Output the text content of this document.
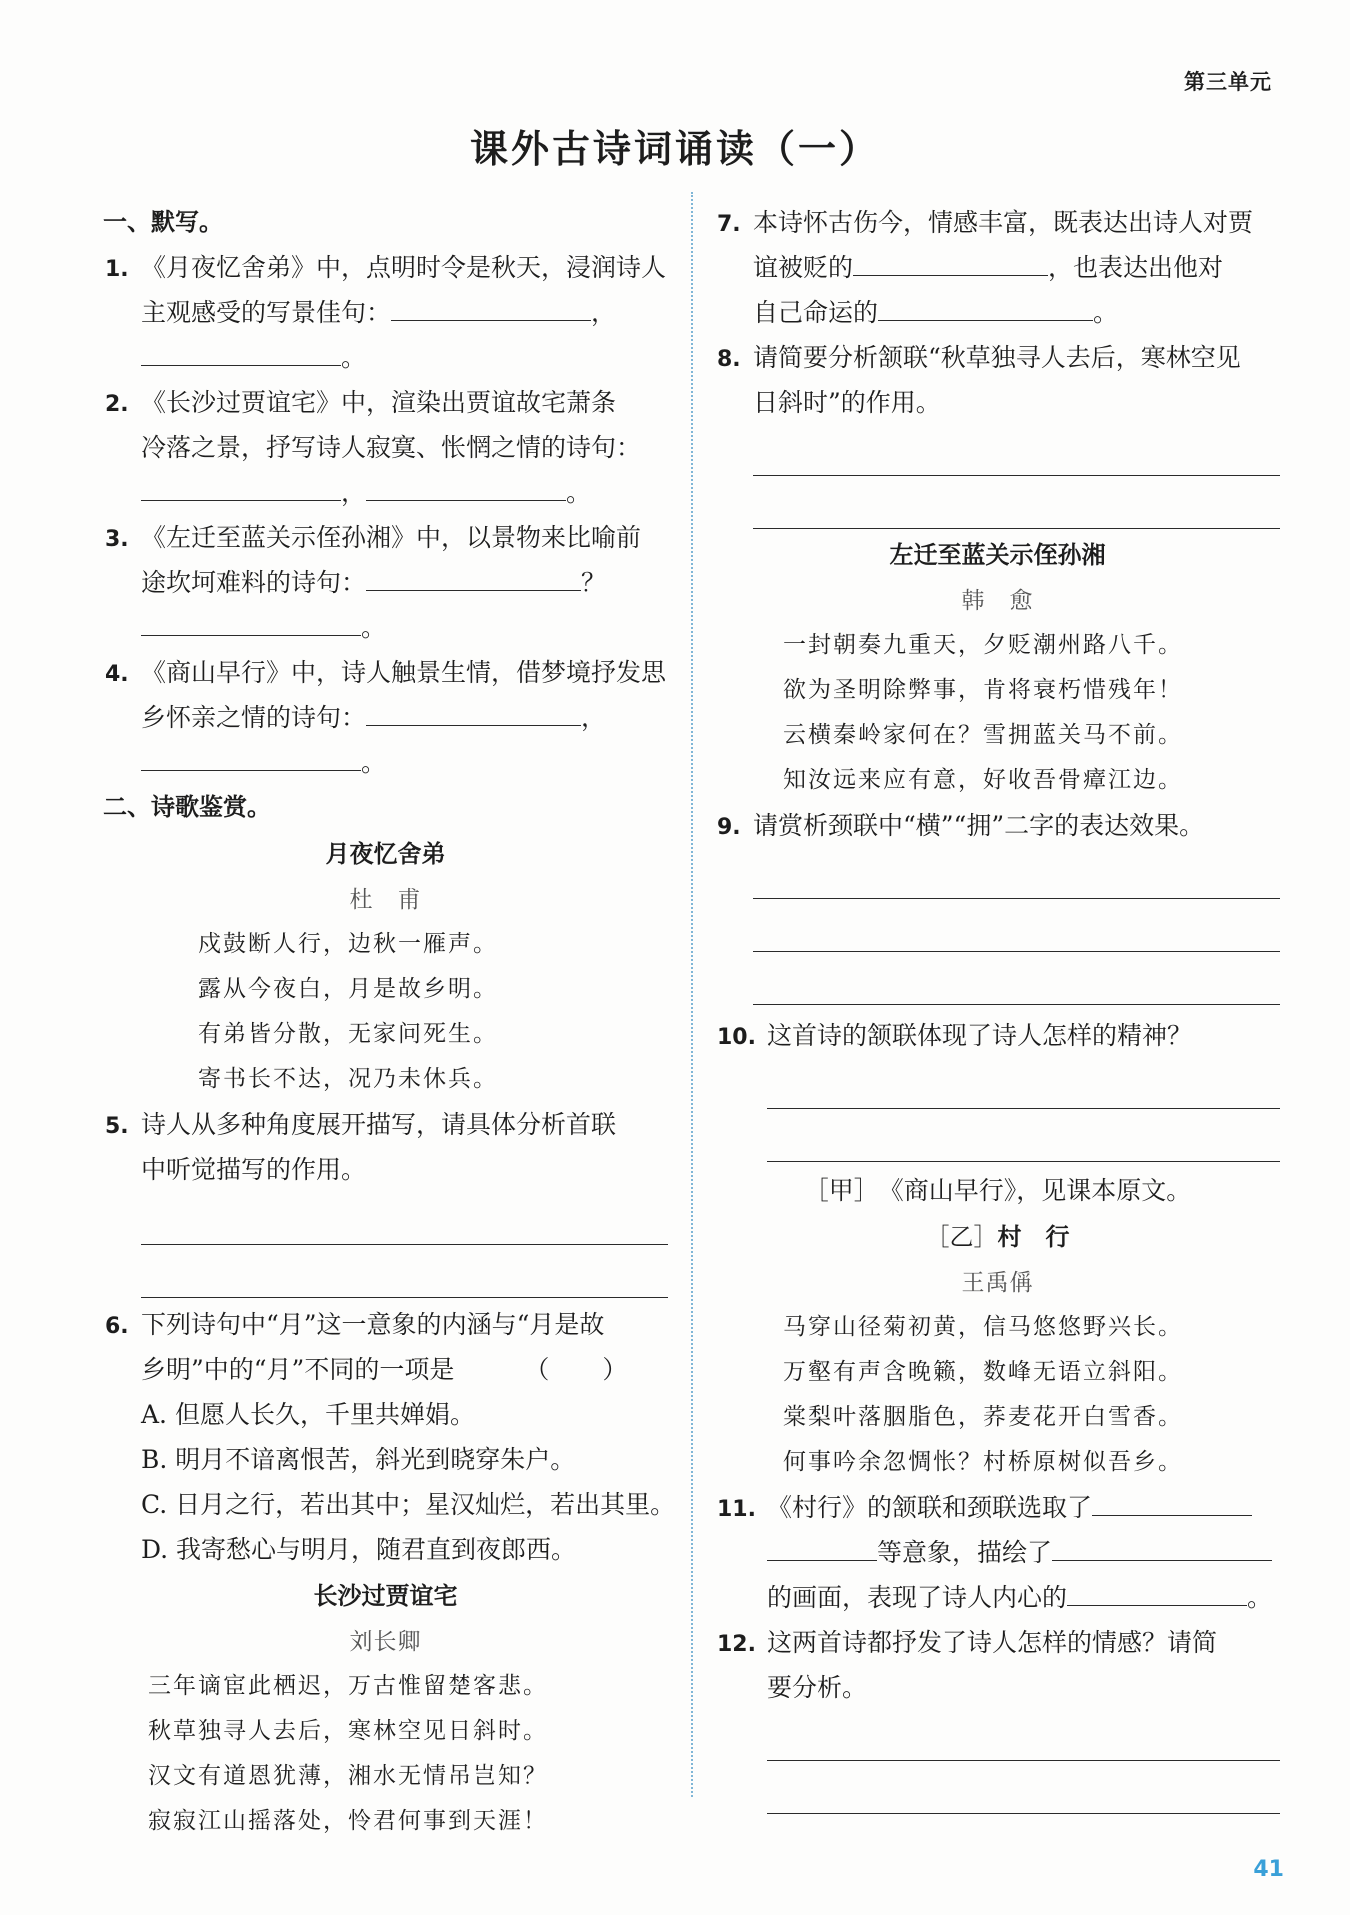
第三单元
课外古诗词诵读（一）
一、默写。
1. 《月夜忆舍弟》中，点明时令是秋天，浸润诗人
主观感受的写景佳句：	，
。
2. 《长沙过贾谊宅》中，渲染出贾谊故宅萧条
冷落之景，抒写诗人寂寞、怅惘之情的诗句：
，	。
3. 《左迁至蓝关示侄孙湘》中，以景物来比喻前
途坎坷难料的诗句：	？
。
4. 《商山早行》中，诗人触景生情，借梦境抒发思
乡怀亲之情的诗句：	，
。
二、诗歌鉴赏。
月夜忆舍弟
杜　甫
戍鼓断人行，边秋一雁声。
露从今夜白，月是故乡明。
有弟皆分散，无家问死生。
寄书长不达，况乃未休兵。
5. 诗人从多种角度展开描写，请具体分析首联
中听觉描写的作用。
6. 下列诗句中“月”这一意象的内涵与“月是故
乡明”中的“月”不同的一项是	（　）
A. 但愿人长久，千里共婵娟。
B. 明月不谙离恨苦，斜光到晓穿朱户。
C. 日月之行，若出其中；星汉灿烂，若出其里。
D. 我寄愁心与明月，随君直到夜郎西。
长沙过贾谊宅
刘长卿
三年谪宦此栖迟，万古惟留楚客悲。
秋草独寻人去后，寒林空见日斜时。
汉文有道恩犹薄，湘水无情吊岂知？
寂寂江山摇落处，怜君何事到天涯！
7. 本诗怀古伤今，情感丰富，既表达出诗人对贾
谊被贬的	，也表达出他对
自己命运的	。
8. 请简要分析颔联“秋草独寻人去后，寒林空见
日斜时”的作用。
左迁至蓝关示侄孙湘
韩　愈
一封朝奏九重天，夕贬潮州路八千。
欲为圣明除弊事，肯将衰朽惜残年！
云横秦岭家何在？雪拥蓝关马不前。
知汝远来应有意，好收吾骨瘴江边。
9. 请赏析颈联中“横”“拥”二字的表达效果。
10. 这首诗的颔联体现了诗人怎样的精神？
［甲］《商山早行》，见课本原文。
［乙］村　行
王禹偁
马穿山径菊初黄，信马悠悠野兴长。
万壑有声含晚籁，数峰无语立斜阳。
棠梨叶落胭脂色，荞麦花开白雪香。
何事吟余忽惆怅？村桥原树似吾乡。
11. 《村行》的颔联和颈联选取了
等意象，描绘了
的画面，表现了诗人内心的	。
12. 这两首诗都抒发了诗人怎样的情感？请简
要分析。
41
